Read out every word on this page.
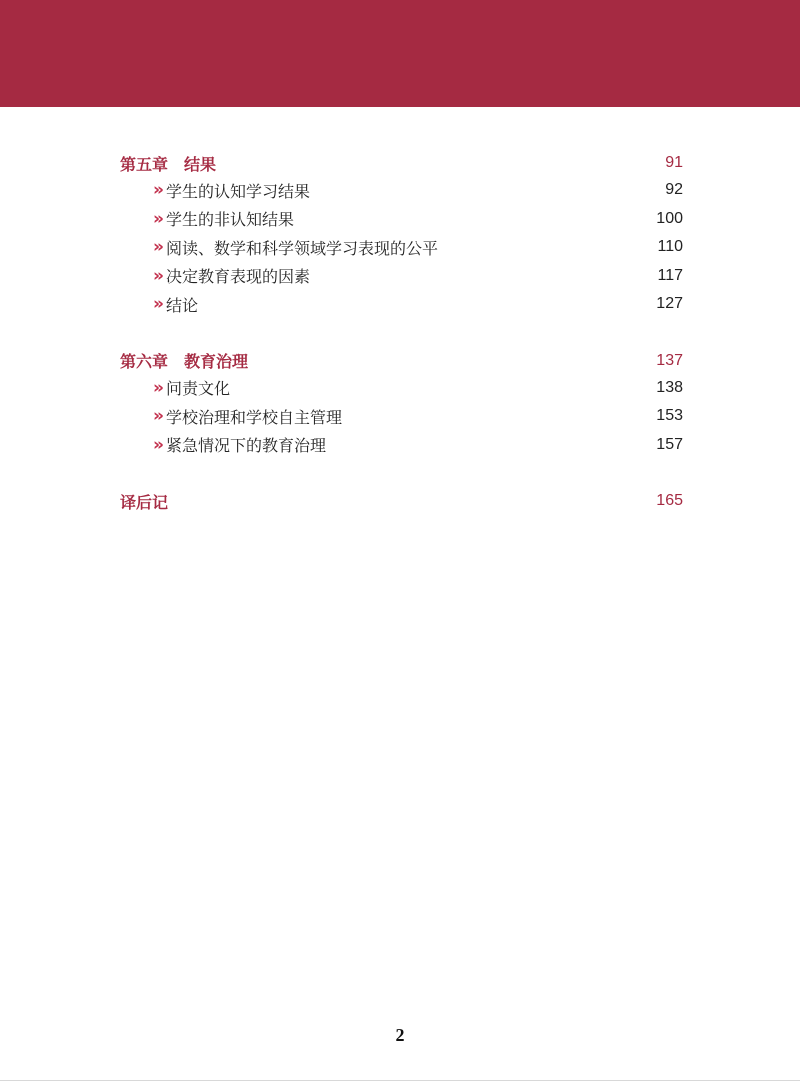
第五章　结果	91
» 学生的认知学习结果	92
» 学生的非认知结果	100
» 阅读、数学和科学领域学习表现的公平	110
» 决定教育表现的因素	117
» 结论	127
第六章　教育治理	137
» 问责文化	138
» 学校治理和学校自主管理	153
» 紧急情况下的教育治理	157
译后记	165
2
